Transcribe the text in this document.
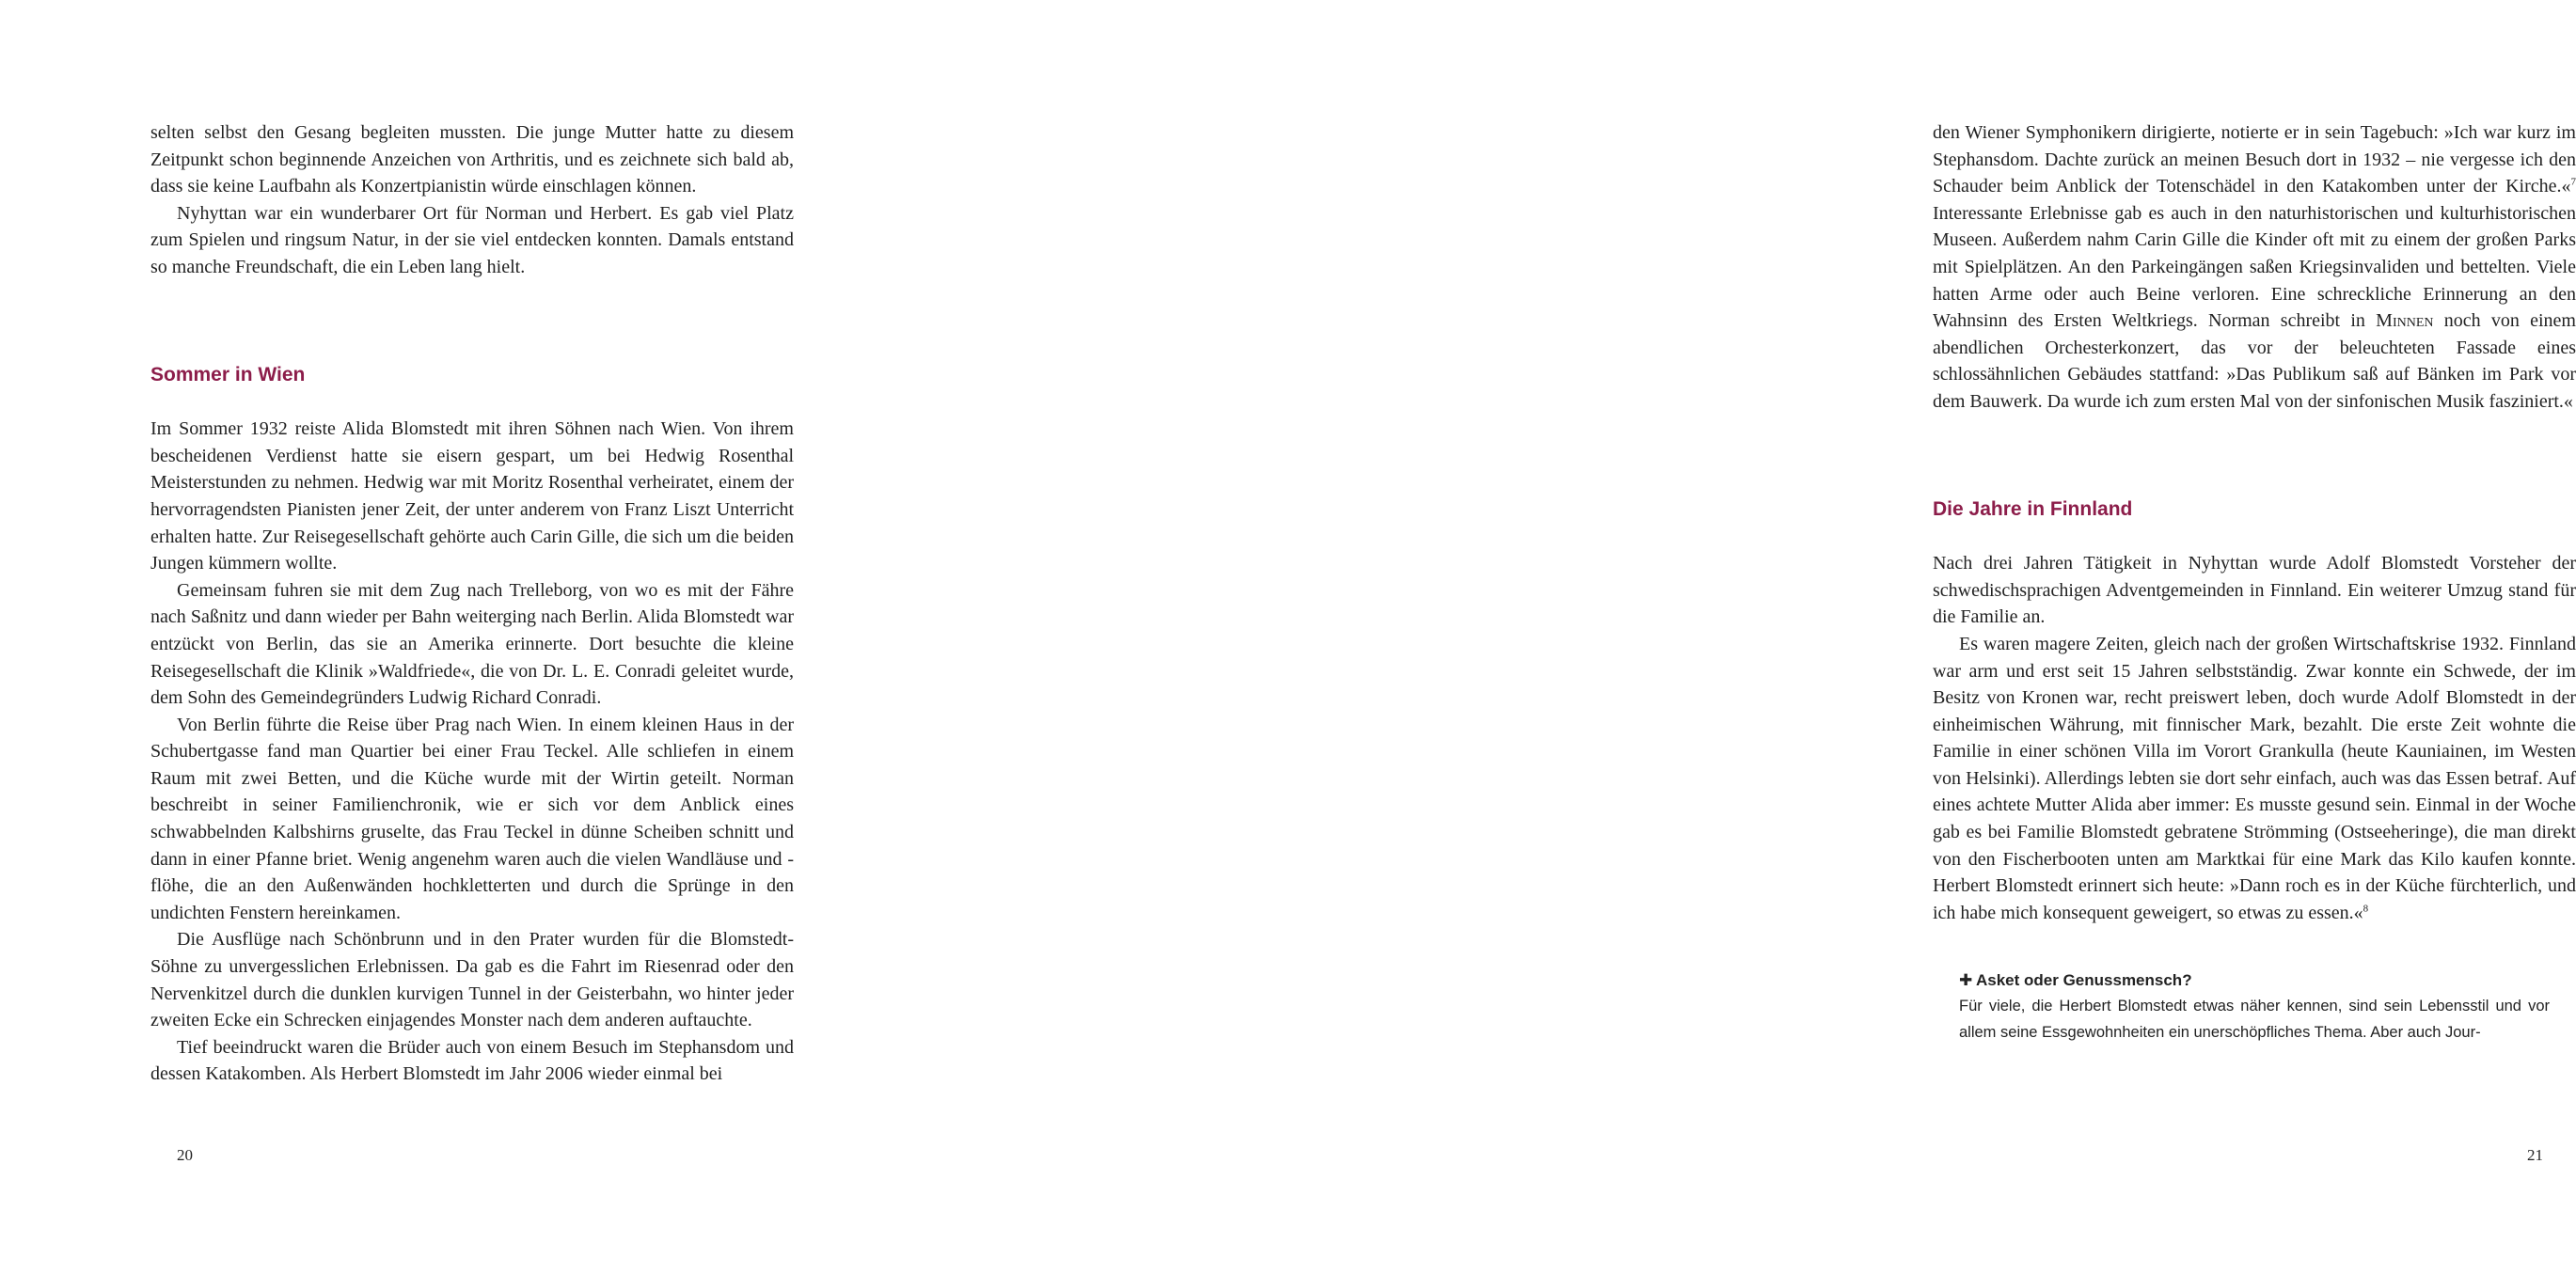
selten selbst den Gesang begleiten mussten. Die junge Mutter hatte zu diesem Zeitpunkt schon beginnende Anzeichen von Arthritis, und es zeichnete sich bald ab, dass sie keine Laufbahn als Konzertpianistin würde einschlagen können.

Nyhyttan war ein wunderbarer Ort für Norman und Herbert. Es gab viel Platz zum Spielen und ringsum Natur, in der sie viel entdecken konnten. Damals entstand so manche Freundschaft, die ein Leben lang hielt.

Sommer in Wien

Im Sommer 1932 reiste Alida Blomstedt mit ihren Söhnen nach Wien. Von ihrem bescheidenen Verdienst hatte sie eisern gespart, um bei Hedwig Rosenthal Meisterstunden zu nehmen. Hedwig war mit Moritz Rosenthal verheiratet, einem der hervorragendsten Pianisten jener Zeit, der unter anderem von Franz Liszt Unterricht erhalten hatte. Zur Reisegesellschaft gehörte auch Carin Gille, die sich um die beiden Jungen kümmern wollte.

Gemeinsam fuhren sie mit dem Zug nach Trelleborg, von wo es mit der Fähre nach Saßnitz und dann wieder per Bahn weiterging nach Berlin. Alida Blomstedt war entzückt von Berlin, das sie an Amerika erinnerte. Dort besuchte die kleine Reisegesellschaft die Klinik »Waldfriede«, die von Dr. L. E. Conradi geleitet wurde, dem Sohn des Gemeindegründers Ludwig Richard Conradi.

Von Berlin führte die Reise über Prag nach Wien. In einem kleinen Haus in der Schubertgasse fand man Quartier bei einer Frau Teckel. Alle schliefen in einem Raum mit zwei Betten, und die Küche wurde mit der Wirtin geteilt. Norman beschreibt in seiner Familienchronik, wie er sich vor dem Anblick eines schwabbelnden Kalbshirns gruselte, das Frau Teckel in dünne Scheiben schnitt und dann in einer Pfanne briet. Wenig angenehm waren auch die vielen Wandläuse und -flöhe, die an den Außenwänden hochkletterten und durch die Sprünge in den undichten Fenstern hereinkamen.

Die Ausflüge nach Schönbrunn und in den Prater wurden für die Blomstedt-Söhne zu unvergesslichen Erlebnissen. Da gab es die Fahrt im Riesenrad oder den Nervenkitzel durch die dunklen kurvigen Tunnel in der Geisterbahn, wo hinter jeder zweiten Ecke ein Schrecken einjagendes Monster nach dem anderen auftauchte.

Tief beeindruckt waren die Brüder auch von einem Besuch im Stephansdom und dessen Katakomben. Als Herbert Blomstedt im Jahr 2006 wieder einmal bei

20

den Wiener Symphonikern dirigierte, notierte er in sein Tagebuch: »Ich war kurz im Stephansdom. Dachte zurück an meinen Besuch dort in 1932 – nie vergesse ich den Schauder beim Anblick der Totenschädel in den Katakomben unter der Kirche.«$^7$ Interessante Erlebnisse gab es auch in den naturhistorischen und kulturhistorischen Museen. Außerdem nahm Carin Gille die Kinder oft mit zu einem der großen Parks mit Spielplätzen. An den Parkeingängen saßen Kriegsinvaliden und bettelten. Viele hatten Arme oder auch Beine verloren. Eine schreckliche Erinnerung an den Wahnsinn des Ersten Weltkriegs. Norman schreibt in Minnen noch von einem abendlichen Orchesterkonzert, das vor der beleuchteten Fassade eines schlossähnlichen Gebäudes stattfand: »Das Publikum saß auf Bänken im Park vor dem Bauwerk. Da wurde ich zum ersten Mal von der sinfonischen Musik fasziniert.«

Die Jahre in Finnland

Nach drei Jahren Tätigkeit in Nyhyttan wurde Adolf Blomstedt Vorsteher der schwedischsprachigen Adventgemeinden in Finnland. Ein weiterer Umzug stand für die Familie an.

Es waren magere Zeiten, gleich nach der großen Wirtschaftskrise 1932. Finnland war arm und erst seit 15 Jahren selbstständig. Zwar konnte ein Schwede, der im Besitz von Kronen war, recht preiswert leben, doch wurde Adolf Blomstedt in der einheimischen Währung, mit finnischer Mark, bezahlt. Die erste Zeit wohnte die Familie in einer schönen Villa im Vorort Grankulla (heute Kauniainen, im Westen von Helsinki). Allerdings lebten sie dort sehr einfach, auch was das Essen betraf. Auf eines achtete Mutter Alida aber immer: Es musste gesund sein. Einmal in der Woche gab es bei Familie Blomstedt gebratene Strömming (Ostseeheringe), die man direkt von den Fischerbooten unten am Marktkai für eine Mark das Kilo kaufen konnte. Herbert Blomstedt erinnert sich heute: »Dann roch es in der Küche fürchterlich, und ich habe mich konsequent geweigert, so etwas zu essen.«$^8$

✚ Asket oder Genussmensch?

Für viele, die Herbert Blomstedt etwas näher kennen, sind sein Lebensstil und vor allem seine Essgewohnheiten ein unerschöpfliches Thema. Aber auch Jour-

21
